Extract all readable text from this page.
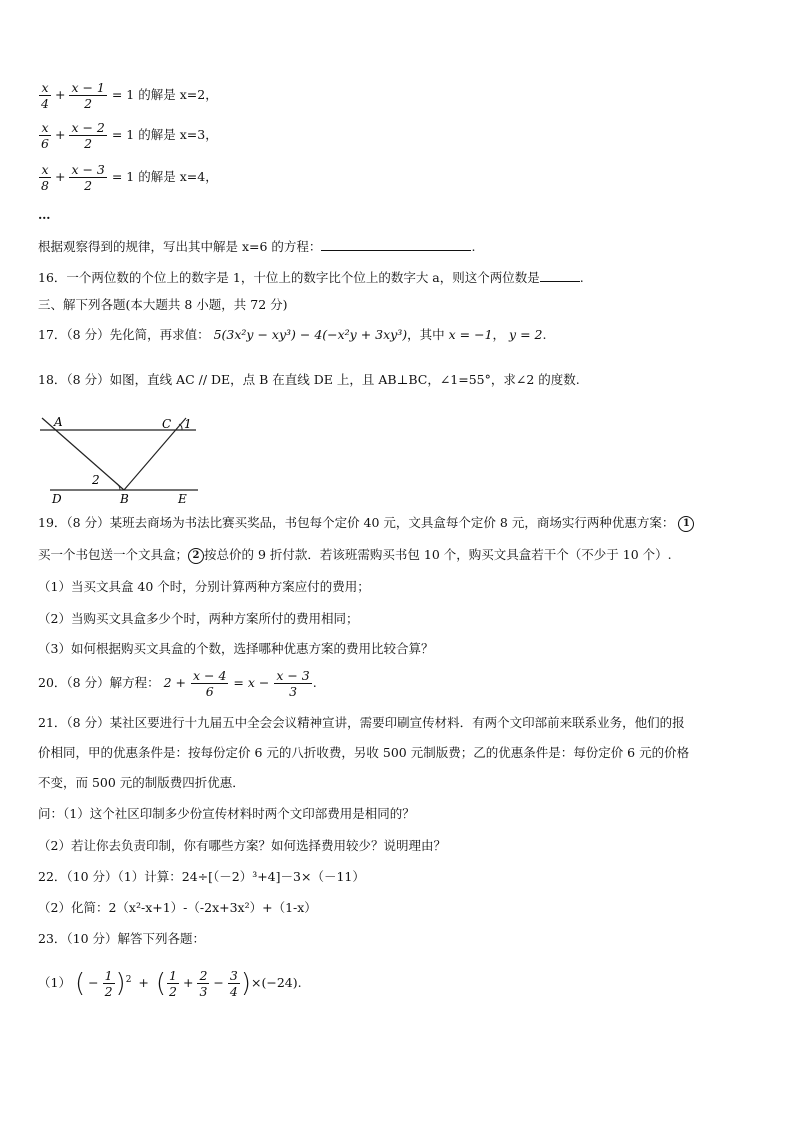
$\frac{x}{4} + \frac{x - 1}{2} = 1$ 的解是 x=2，
$\frac{x}{6} + \frac{x - 2}{2} = 1$ 的解是 x=3，
$\frac{x}{8} + \frac{x - 3}{2} = 1$ 的解是 x=4，
…
根据观察得到的规律，写出其中解是 x=6 的方程：	.
16．一个两位数的个位上的数字是 1，十位上的数字比个位上的数字大 a，则这个两位数是	.
三、解下列各题(本大题共 8 小题，共 72 分)
17．（8 分）先化简，再求值： 5(3x²y − xy³) − 4(−x²y + 3xy³)，其中 x = −1， y = 2.
18．（8 分）如图，直线 AC // DE，点 B 在直线 DE 上，且 AB⊥BC，∠1=55°，求∠2 的度数.
A	C 1
2
D	B	E
19．（8 分）某班去商场为书法比赛买奖品，书包每个定价 40 元，文具盒每个定价 8 元，商场实行两种优惠方案： 1
买一个书包送一个文具盒； 2 按总价的 9 折付款．若该班需购买书包 10 个，购买文具盒若干个（不少于 10 个）.
（1）当买文具盒 40 个时，分别计算两种方案应付的费用；
（2）当购买文具盒多少个时，两种方案所付的费用相同；
（3）如何根据购买文具盒的个数，选择哪种优惠方案的费用比较合算？
20．（8 分）解方程： $2 + \frac{x - 4}{6} = x - \frac{x - 3}{3}$ .
21．（8 分）某社区要进行十九届五中全会会议精神宣讲，需要印刷宣传材料．有两个文印部前来联系业务，他们的报
价相同，甲的优惠条件是：按每份定价 6 元的八折收费，另收 500 元制版费；乙的优惠条件是：每份定价 6 元的价格
不变，而 500 元的制版费四折优惠．
问：（1）这个社区印制多少份宣传材料时两个文印部费用是相同的？
（2）若让你去负责印制，你有哪些方案？如何选择费用较少？说明理由？
22．（10 分）（1）计算：24÷[（－2）³+4]－3×（－11）
（2）化简：2（x²-x+1）-（-2x+3x²）+（1-x）
23．（10 分）解答下列各题：
（1） ( − $\frac{1}{2} )^2$ + ( $\frac{1}{2} + \frac{2}{3} - \frac{3}{4} )\times(-24)$.
